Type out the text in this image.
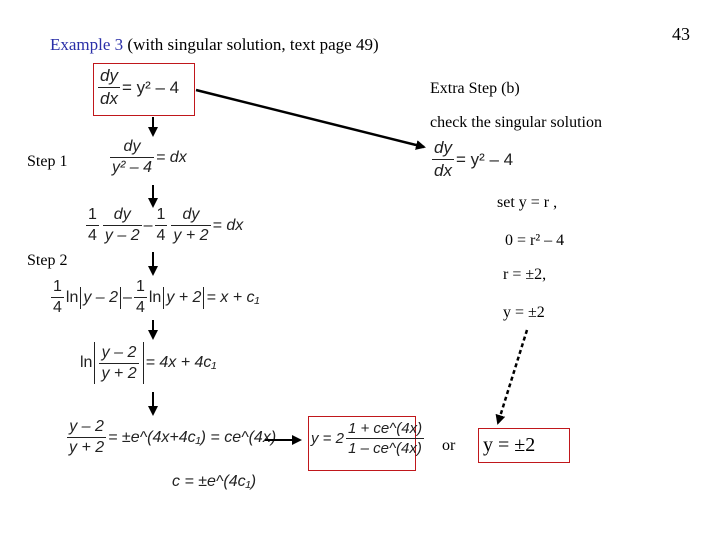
43
Example 3 (with singular solution, text page 49)
$\frac{dy}{dx} = y^2 - 4$	Extra Step (b)
check the singular solution
$\frac{dy}{dx} = y^2 - 4$
Step 1	$\frac{dy}{\text{y² – 4}}$ = dx
$\frac{1}{4} \frac{dy}{y - 2} - \frac{1}{4} \frac{dy}{y + 2}$ = dx
Step 2
set y = r ,
0 = r² – 4
r = ±2,
y = ±2
$\frac{1}{4}$ ln y – $2 - \frac{1}{4}$ ln y + 2 = x + c₁
$\ln \frac{y - 2}{y + 2} = 4x + 4c_1$
$\frac{y - 2}{y + 2}$ = ±e^(4x+4c₁) = ce^(4x)
c = ±e^(4c₁)
$y = 2 \frac{1 + ce\^{}(4x)}{1 - ce\^{}(4x)}$ or y = ±2
